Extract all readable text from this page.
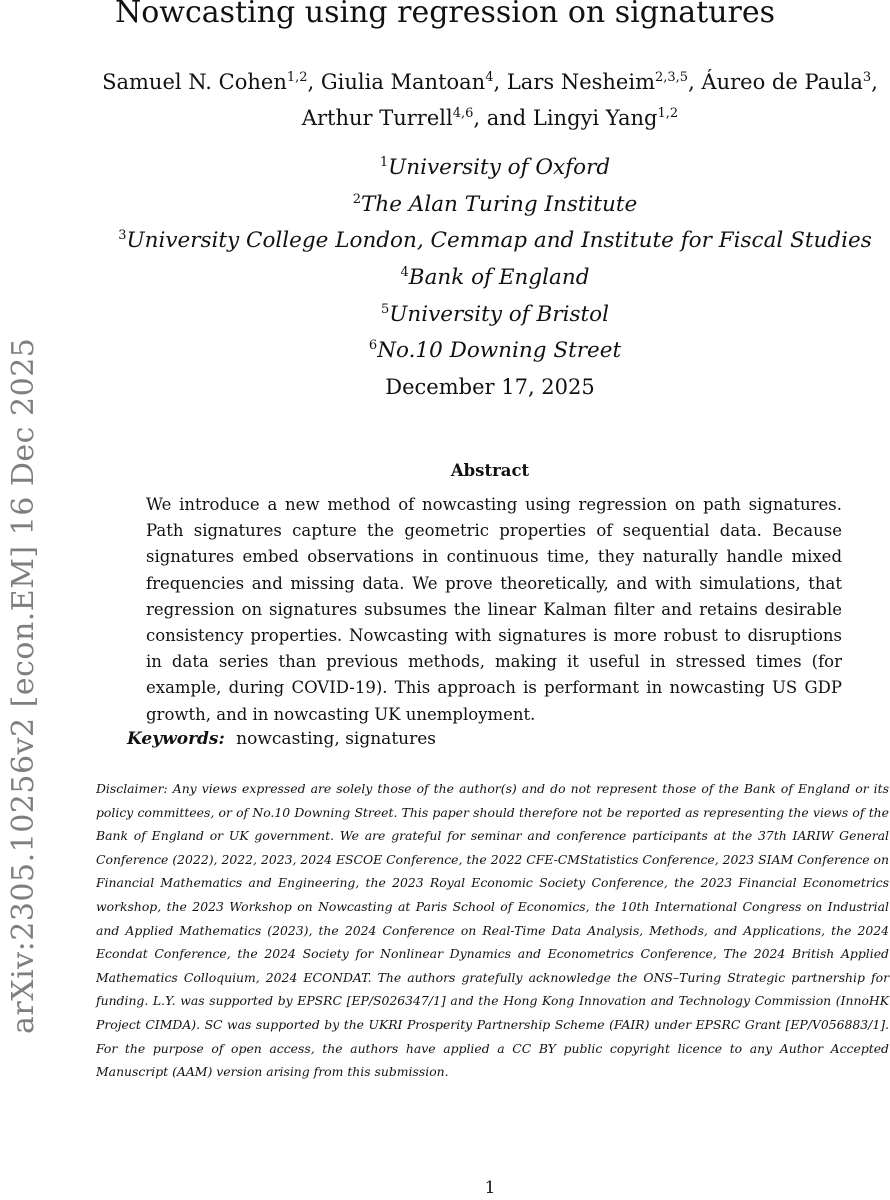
arXiv:2305.10256v2 [econ.EM] 16 Dec 2025
Nowcasting using regression on signatures
Samuel N. Cohen$^{1,2}$, Giulia Mantoan$^4$, Lars Nesheim$^{2,3,5}$, Áureo de Paula$^3$, Arthur Turrell$^{4,6}$, and Lingyi Yang$^{1,2}$
$^1$University of Oxford
$^2$The Alan Turing Institute
$^3$University College London, Cemmap and Institute for Fiscal Studies
$^4$Bank of England
$^5$University of Bristol
$^6$No.10 Downing Street
December 17, 2025
Abstract
We introduce a new method of nowcasting using regression on path signatures. Path signatures capture the geometric properties of sequential data. Because signatures embed observations in continuous time, they naturally handle mixed frequencies and missing data. We prove theoretically, and with simulations, that regression on signatures subsumes the linear Kalman filter and retains desirable consistency properties. Nowcasting with signatures is more robust to disruptions in data series than previous methods, making it useful in stressed times (for example, during COVID-19). This approach is performant in nowcasting US GDP growth, and in nowcasting UK unemployment.
Keywords: nowcasting, signatures
Disclaimer: Any views expressed are solely those of the author(s) and do not represent those of the Bank of England or its policy committees, or of No.10 Downing Street. This paper should therefore not be reported as representing the views of the Bank of England or UK government. We are grateful for seminar and conference participants at the 37th IARIW General Conference (2022), 2022, 2023, 2024 ESCOE Conference, the 2022 CFE-CMStatistics Conference, 2023 SIAM Conference on Financial Mathematics and Engineering, the 2023 Royal Economic Society Conference, the 2023 Financial Econometrics workshop, the 2023 Workshop on Nowcasting at Paris School of Economics, the 10th International Congress on Industrial and Applied Mathematics (2023), the 2024 Conference on Real-Time Data Analysis, Methods, and Applications, the 2024 Econdat Conference, the 2024 Society for Nonlinear Dynamics and Econometrics Conference, The 2024 British Applied Mathematics Colloquium, 2024 ECONDAT. The authors gratefully acknowledge the ONS–Turing Strategic partnership for funding. L.Y. was supported by EPSRC [EP/S026347/1] and the Hong Kong Innovation and Technology Commission (InnoHK Project CIMDA). SC was supported by the UKRI Prosperity Partnership Scheme (FAIR) under EPSRC Grant [EP/V056883/1]. For the purpose of open access, the authors have applied a CC BY public copyright licence to any Author Accepted Manuscript (AAM) version arising from this submission.
1
